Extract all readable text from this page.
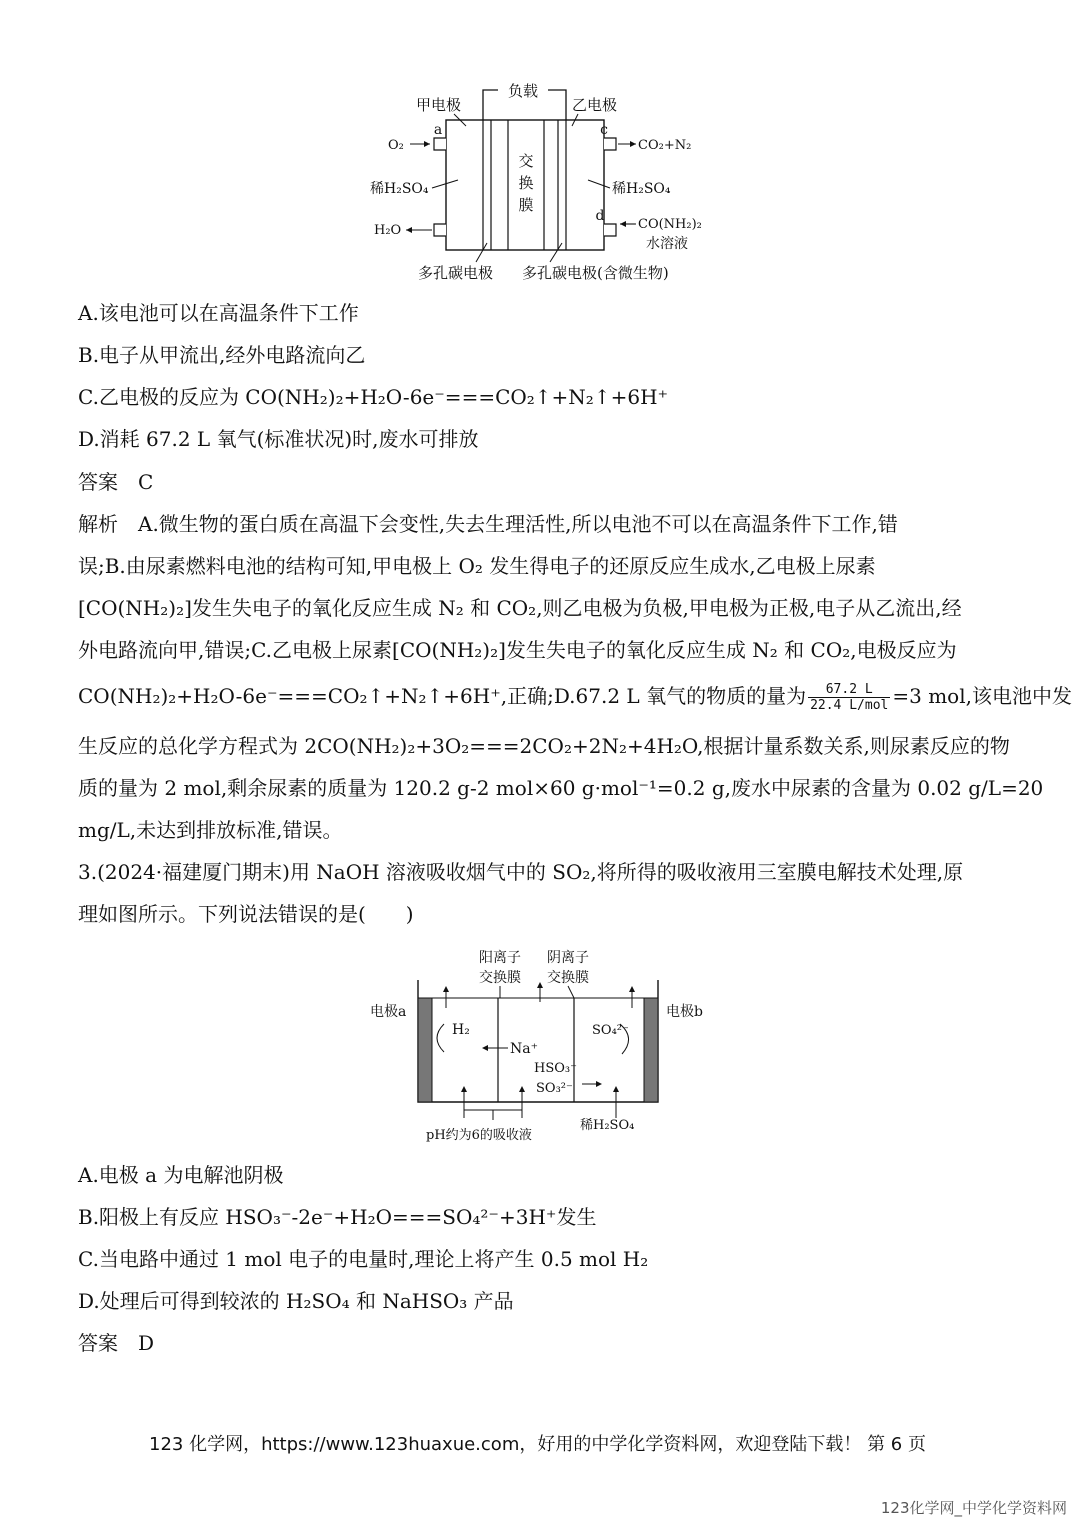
负载
交
换
膜
a	c
d
O₂
H₂O
CO₂+N₂
CO(NH₂)₂
水溶液
稀H₂SO₄	稀H₂SO₄
甲电极	乙电极
多孔碳电极 多孔碳电极(含微生物)
A.该电池可以在高温条件下工作
B.电子从甲流出,经外电路流向乙
C.乙电极的反应为 CO(NH₂)₂+H₂O-6e⁻===CO₂↑+N₂↑+6H⁺
D.消耗 67.2 L 氧气(标准状况)时,废水可排放
答案　C
解析　A.微生物的蛋白质在高温下会变性,失去生理活性,所以电池不可以在高温条件下工作,错
误;B.由尿素燃料电池的结构可知,甲电极上 O₂ 发生得电子的还原反应生成水,乙电极上尿素
[CO(NH₂)₂]发生失电子的氧化反应生成 N₂ 和 CO₂,则乙电极为负极,甲电极为正极,电子从乙流出,经
外电路流向甲,错误;C.乙电极上尿素[CO(NH₂)₂]发生失电子的氧化反应生成 N₂ 和 CO₂,电极反应为
CO(NH₂)₂+H₂O-6e⁻===CO₂↑+N₂↑+6H⁺,正确;D.67.2 L 氧气的物质的量为 $\frac{67.2 L}{\text{22.4 L/mol}} =3$ mol,该电池中发
生反应的总化学方程式为 2CO(NH₂)₂+3O₂===2CO₂+2N₂+4H₂O,根据计量系数关系,则尿素反应的物
质的量为 2 mol,剩余尿素的质量为 120.2 g-2 mol×60 g·mol⁻¹=0.2 g,废水中尿素的含量为 0.02 g/L=20
mg/L,未达到排放标准,错误。
3.(2024·福建厦门期末)用 NaOH 溶液吸收烟气中的 SO₂,将所得的吸收液用三室膜电解技术处理,原
理如图所示。下列说法错误的是(　　)
阳离子
交换膜
阴离子
交换膜
电极a	电极b
H₂
Na⁺
HSO₃⁻
SO₃²⁻
SO₄²⁻
pH约为6的吸收液
稀H₂SO₄
A.电极 a 为电解池阴极
B.阳极上有反应 HSO₃⁻-2e⁻+H₂O===SO₄²⁻+3H⁺发生
C.当电路中通过 1 mol 电子的电量时,理论上将产生 0.5 mol H₂
D.处理后可得到较浓的 H₂SO₄ 和 NaHSO₃ 产品
答案　D
123 化学网，https://www.123huaxue.com，好用的中学化学资料网，欢迎登陆下载！ 第 6 页
123化学网_中学化学资料网
